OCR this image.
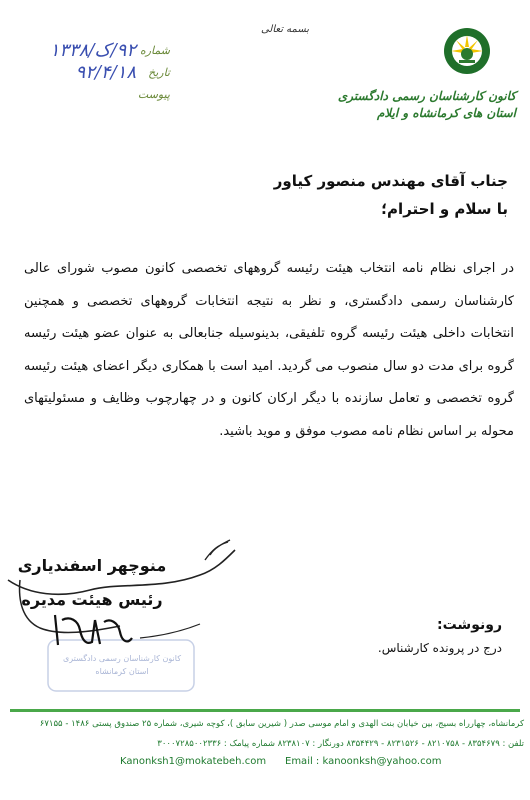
بسمه تعالی
کانون کارشناسان رسمی دادگستری
استان های کرمانشاه و ایلام
شماره
۹۲/ک/۱۳۳۸
تاریخ
۹۲/۴/۱۸
پیوست
جناب آقای مهندس منصور کیاور
با سلام و احترام؛
در اجرای نظام نامه انتخاب هیئت رئیسه گروههای تخصصی کانون مصوب شورای عالی کارشناسان رسمی دادگستری، و نظر به نتیجه انتخابات گروههای تخصصی و همچنین انتخابات داخلی هیئت رئیسه گروه تلفیقی، بدینوسیله جنابعالی به عنوان عضو هیئت رئیسه گروه برای مدت دو سال منصوب می گردید. امید است با همکاری دیگر اعضای هیئت رئیسه گروه تخصصی و تعامل سازنده با دیگر ارکان کانون و در چهارچوب وظایف و مسئولیتهای محوله بر اساس نظام نامه مصوب موفق و موید باشید.
کانون کارشناسان رسمی دادگستری
استان کرمانشاه
منوچهر اسفندیاری
رئیس هیئت مدیره
رونوشت:
درج در پرونده کارشناس.
کرمانشاه، چهارراه بسیج، بین خیابان بنت الهدی و امام موسی صدر ( شیرین سابق )، کوچه شیری، شماره ۲۵ صندوق پستی ۱۴۸۶ - ۶۷۱۵۵
تلفن : ۸۳۵۴۶۷۹ - ۸۲۱۰۷۵۸ - ۸۲۳۱۵۲۶ - ۸۳۵۴۴۲۹ دورنگار : ۸۲۳۸۱۰۷ شماره پیامک : ۳۰۰۰۷۲۸۵۰۰۲۳۳۶
Kanonksh1@mokatebeh.com Email : kanoonksh@yahoo.com
